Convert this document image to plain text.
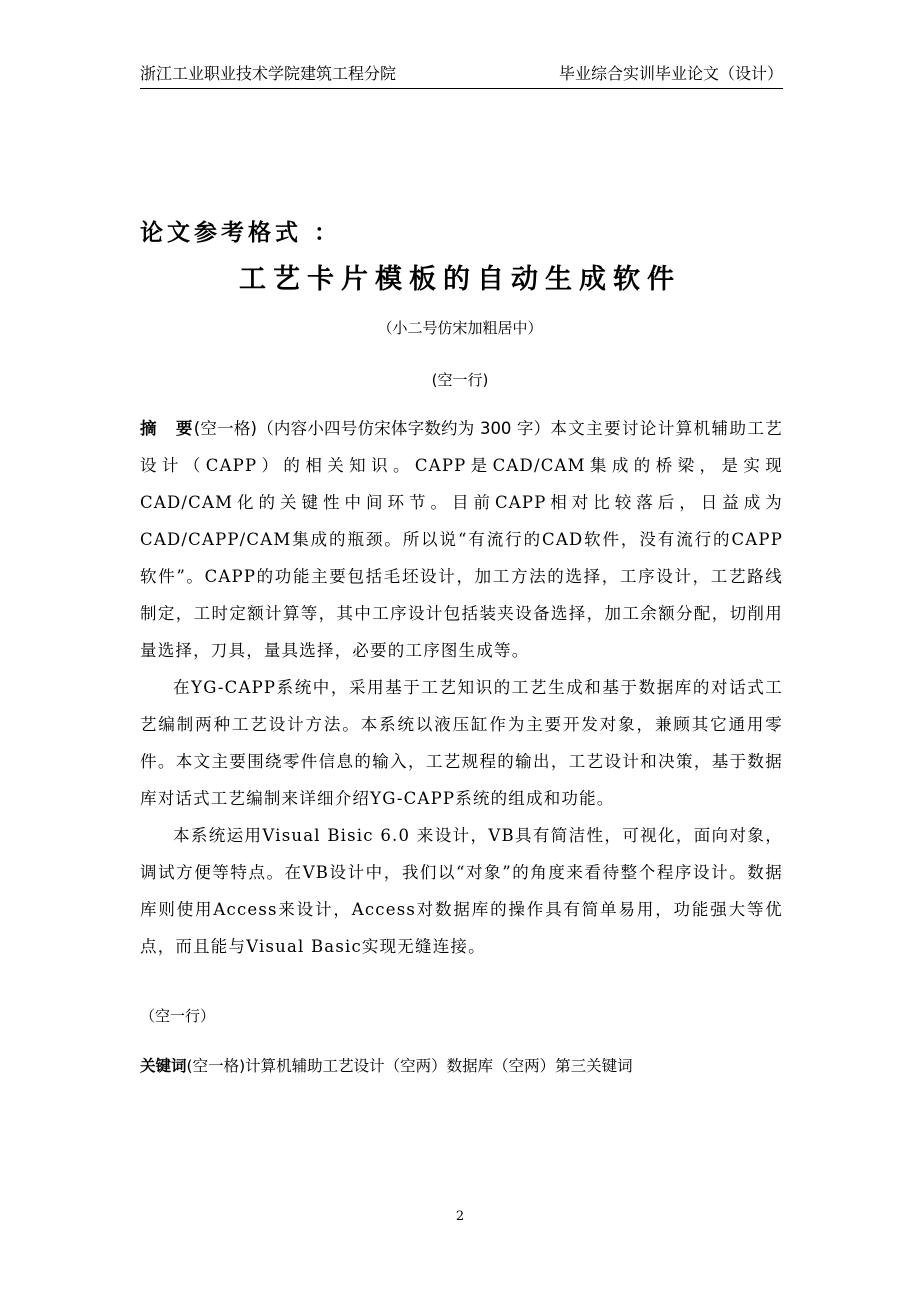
浙江工业职业技术学院建筑工程分院	毕业综合实训毕业论文（设计）
论文参考格式 ：
工艺卡片模板的自动生成软件
（小二号仿宋加粗居中）
(空一行)

摘　要(空一格)（内容小四号仿宋体字数约为 300 字）本文主要讨论计算机辅助工艺设计（CAPP）的相关知识。CAPP是CAD/CAM集成的桥梁，是实现CAD/CAM化的关键性中间环节。目前CAPP相对比较落后，日益成为CAD/CAPP/CAM集成的瓶颈。所以说“有流行的CAD软件，没有流行的CAPP软件”。CAPP的功能主要包括毛坯设计，加工方法的选择，工序设计，工艺路线制定，工时定额计算等，其中工序设计包括装夹设备选择，加工余额分配，切削用量选择，刀具，量具选择，必要的工序图生成等。

在YG-CAPP系统中，采用基于工艺知识的工艺生成和基于数据库的对话式工艺编制两种工艺设计方法。本系统以液压缸作为主要开发对象，兼顾其它通用零件。本文主要围绕零件信息的输入，工艺规程的输出，工艺设计和决策，基于数据库对话式工艺编制来详细介绍YG-CAPP系统的组成和功能。

本系统运用Visual Bisic 6.0 来设计，VB具有简洁性，可视化，面向对象，调试方便等特点。在VB设计中，我们以“对象”的角度来看待整个程序设计。数据库则使用Access来设计，Access对数据库的操作具有简单易用，功能强大等优点，而且能与Visual Basic实现无缝连接。

（空一行）
关键词(空一格)计算机辅助工艺设计（空两）数据库（空两）第三关键词
2
